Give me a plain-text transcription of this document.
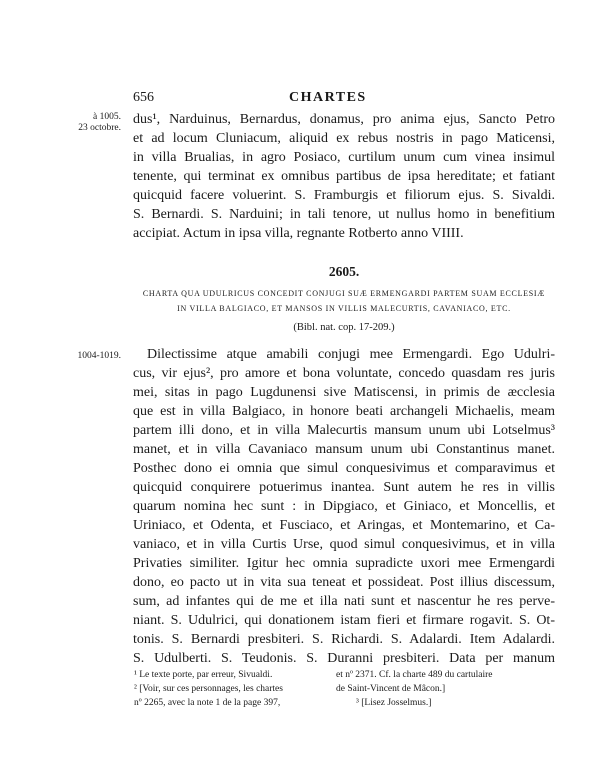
656	CHARTES
à 1005.
23 octobre.
dus¹, Narduinus, Bernardus, donamus, pro anima ejus, Sancto Petro
et ad locum Cluniacum, aliquid ex rebus nostris in pago Maticensi,
in villa Brualias, in agro Posiaco, curtilum unum cum vinea insimul
tenente, qui terminat ex omnibus partibus de ipsa hereditate; et fatiant
quicquid facere voluerint. S. Framburgis et filiorum ejus. S. Sivaldi.
S. Bernardi. S. Narduini; in tali tenore, ut nullus homo in benefitium
accipiat. Actum in ipsa villa, regnante Rotberto anno VIIII.
2605.
CHARTA QUA UDULRICUS CONCEDIT CONJUGI SUÆ ERMENGARDI PARTEM SUAM ECCLESIÆ
IN VILLA BALGIACO, ET MANSOS IN VILLIS MALECURTIS, CAVANIACO, ETC.
(Bibl. nat. cop. 17-209.)
1004-1019.	Dilectissime atque amabili conjugi mee Ermengardi. Ego Udulri-
cus, vir ejus², pro amore et bona voluntate, concedo quasdam res juris
mei, sitas in pago Lugdunensi sive Matiscensi, in primis de æcclesia
que est in villa Balgiaco, in honore beati archangeli Michaelis, meam
partem illi dono, et in villa Malecurtis mansum unum ubi Lotselmus³
manet, et in villa Cavaniaco mansum unum ubi Constantinus manet.
Posthec dono ei omnia que simul conquesivimus et comparavimus et
quicquid conquirere potuerimus inantea. Sunt autem he res in villis
quarum nomina hec sunt : in Dipgiaco, et Giniaco, et Moncellis, et
Uriniaco, et Odenta, et Fusciaco, et Aringas, et Montemarino, et Ca-
vaniaco, et in villa Curtis Urse, quod simul conquesivimus, et in villa
Privaties similiter. Igitur hec omnia supradicte uxori mee Ermengardi
dono, eo pacto ut in vita sua teneat et possideat. Post illius discessum,
sum, ad infantes qui de me et illa nati sunt et nascentur he res perve-
niant. S. Udulrici, qui donationem istam fieri et firmare rogavit. S. Ot-
tonis. S. Bernardi presbiteri. S. Richardi. S. Adalardi. Item Adalardi.
S. Udulberti. S. Teudonis. S. Duranni presbiteri. Data per manum
¹ Le texte porte, par erreur, Sivualdi.
² [Voir, sur ces personnages, les chartes
nº 2265, avec la note 1 de la page 397,
et nº 2371. Cf. la charte 489 du cartulaire
de Saint-Vincent de Mâcon.]
³ [Lisez Josselmus.]
